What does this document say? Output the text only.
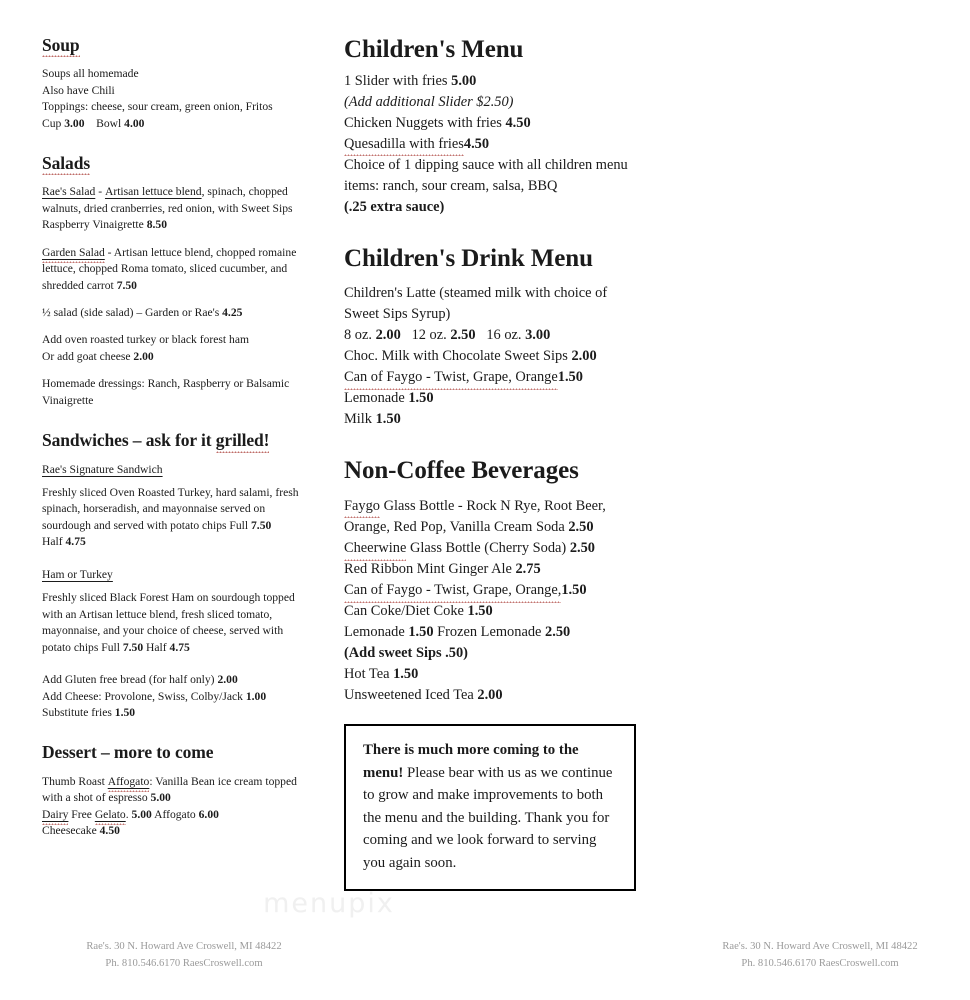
Soup

Soups all homemade
Also have Chili
Toppings: cheese, sour cream, green onion, Fritos
Cup 3.00 Bowl 4.00

Salads

Rae's Salad - Artisan lettuce blend, spinach, chopped walnuts, dried cranberries, red onion, with Sweet Sips Raspberry Vinaigrette 8.50

Garden Salad - Artisan lettuce blend, chopped romaine lettuce, chopped Roma tomato, sliced cucumber, and shredded carrot 7.50

½ salad (side salad) – Garden or Rae's 4.25

Add oven roasted turkey or black forest ham
Or add goat cheese 2.00

Homemade dressings: Ranch, Raspberry or Balsamic Vinaigrette

Sandwiches – ask for it grilled!

Rae's Signature Sandwich

Freshly sliced Oven Roasted Turkey, hard salami, fresh spinach, horseradish, and mayonnaise served on sourdough and served with potato chips Full 7.50
Half 4.75

Ham or Turkey

Freshly sliced Black Forest Ham on sourdough topped with an Artisan lettuce blend, fresh sliced tomato, mayonnaise, and your choice of cheese, served with potato chips Full 7.50 Half 4.75

Add Gluten free bread (for half only) 2.00
Add Cheese: Provolone, Swiss, Colby/Jack 1.00
Substitute fries 1.50

Dessert – more to come

Thumb Roast Affogato: Vanilla Bean ice cream topped with a shot of espresso 5.00
Dairy Free Gelato. 5.00 Affogato 6.00
Cheesecake 4.50

Rae's. 30 N. Howard Ave Croswell, MI 48422
Ph. 810.546.6170 RaesCroswell.com
Children's Menu

1 Slider with fries 5.00
(Add additional Slider $2.50)
Chicken Nuggets with fries 4.50
Quesadilla with fries4.50
Choice of 1 dipping sauce with all children menu items: ranch, sour cream, salsa, BBQ
(.25 extra sauce)

Children's Drink Menu

Children's Latte (steamed milk with choice of Sweet Sips Syrup)
8 oz. 2.00 12 oz. 2.50 16 oz. 3.00
Choc. Milk with Chocolate Sweet Sips 2.00
Can of Faygo - Twist, Grape, Orange1.50
Lemonade 1.50
Milk 1.50

Non-Coffee Beverages

Faygo Glass Bottle - Rock N Rye, Root Beer, Orange, Red Pop, Vanilla Cream Soda 2.50
Cheerwine Glass Bottle (Cherry Soda) 2.50
Red Ribbon Mint Ginger Ale 2.75
Can of Faygo - Twist, Grape, Orange,1.50
Can Coke/Diet Coke 1.50
Lemonade 1.50 Frozen Lemonade 2.50
(Add sweet Sips .50)
Hot Tea 1.50
Unsweetened Iced Tea 2.00

There is much more coming to the menu! Please bear with us as we continue to grow and make improvements to both the menu and the building. Thank you for coming and we look forward to serving you again soon.
Rae's. 30 N. Howard Ave Croswell, MI 48422
Ph. 810.546.6170 RaesCroswell.com
menupix
